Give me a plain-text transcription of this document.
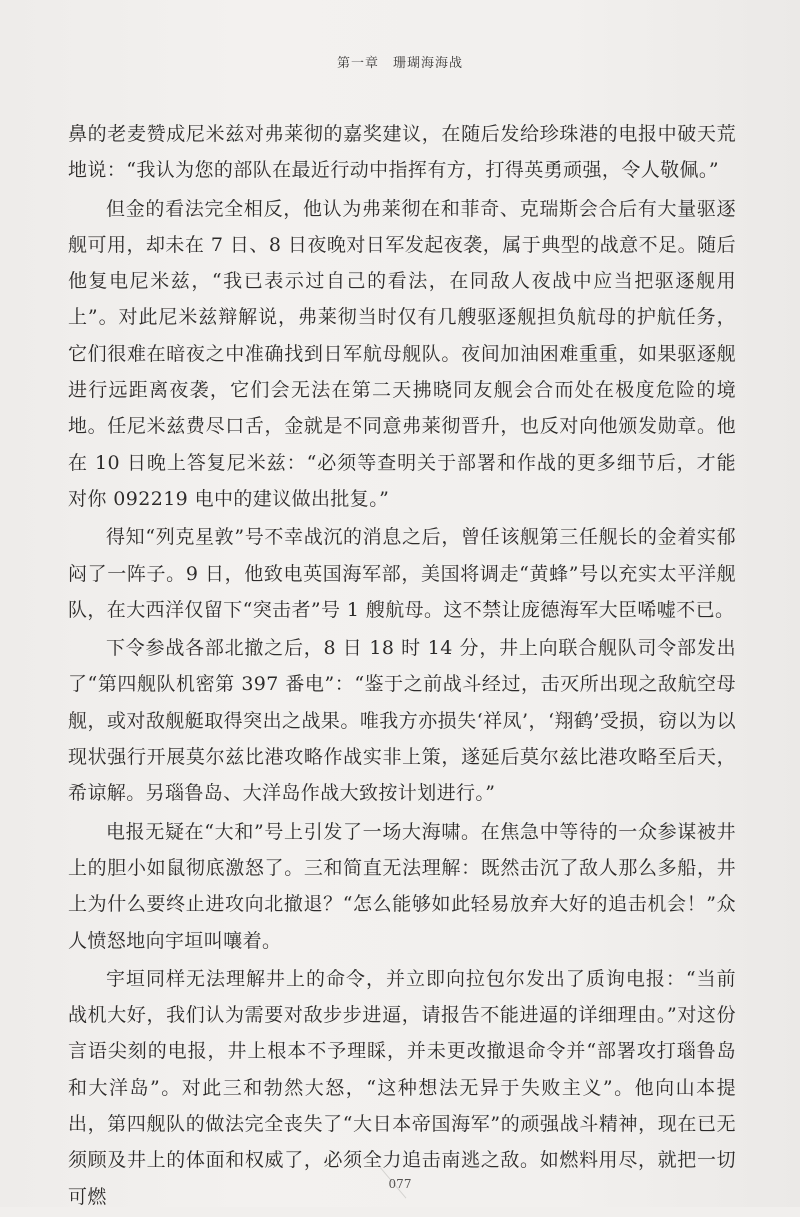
第一章　珊瑚海海战

鼻的老麦赞成尼米兹对弗莱彻的嘉奖建议，在随后发给珍珠港的电报中破天荒地说：“我认为您的部队在最近行动中指挥有方，打得英勇顽强，令人敬佩。”

但金的看法完全相反，他认为弗莱彻在和菲奇、克瑞斯会合后有大量驱逐舰可用，却未在 7 日、8 日夜晚对日军发起夜袭，属于典型的战意不足。随后他复电尼米兹，“我已表示过自己的看法，在同敌人夜战中应当把驱逐舰用上”。对此尼米兹辩解说，弗莱彻当时仅有几艘驱逐舰担负航母的护航任务，它们很难在暗夜之中准确找到日军航母舰队。夜间加油困难重重，如果驱逐舰进行远距离夜袭，它们会无法在第二天拂晓同友舰会合而处在极度危险的境地。任尼米兹费尽口舌，金就是不同意弗莱彻晋升，也反对向他颁发勋章。他在 10 日晚上答复尼米兹：“必须等查明关于部署和作战的更多细节后，才能对你 092219 电中的建议做出批复。”

得知“列克星敦”号不幸战沉的消息之后，曾任该舰第三任舰长的金着实郁闷了一阵子。9 日，他致电英国海军部，美国将调走“黄蜂”号以充实太平洋舰队，在大西洋仅留下“突击者”号 1 艘航母。这不禁让庞德海军大臣唏嘘不已。

下令参战各部北撤之后，8 日 18 时 14 分，井上向联合舰队司令部发出了“第四舰队机密第 397 番电”：“鉴于之前战斗经过，击灭所出现之敌航空母舰，或对敌舰艇取得突出之战果。唯我方亦损失‘祥凤’，‘翔鹤’受损，窃以为以现状强行开展莫尔兹比港攻略作战实非上策，遂延后莫尔兹比港攻略至后天，希谅解。另瑙鲁岛、大洋岛作战大致按计划进行。”

电报无疑在“大和”号上引发了一场大海啸。在焦急中等待的一众参谋被井上的胆小如鼠彻底激怒了。三和简直无法理解：既然击沉了敌人那么多船，井上为什么要终止进攻向北撤退？“怎么能够如此轻易放弃大好的追击机会！”众人愤怒地向宇垣叫嚷着。

宇垣同样无法理解井上的命令，并立即向拉包尔发出了质询电报：“当前战机大好，我们认为需要对敌步步进逼，请报告不能进逼的详细理由。”对这份言语尖刻的电报，井上根本不予理睬，并未更改撤退命令并“部署攻打瑙鲁岛和大洋岛”。对此三和勃然大怒，“这种想法无异于失败主义”。他向山本提出，第四舰队的做法完全丧失了“大日本帝国海军”的顽强战斗精神，现在已无须顾及井上的体面和权威了，必须全力追击南逃之敌。如燃料用尽，就把一切可燃

077
